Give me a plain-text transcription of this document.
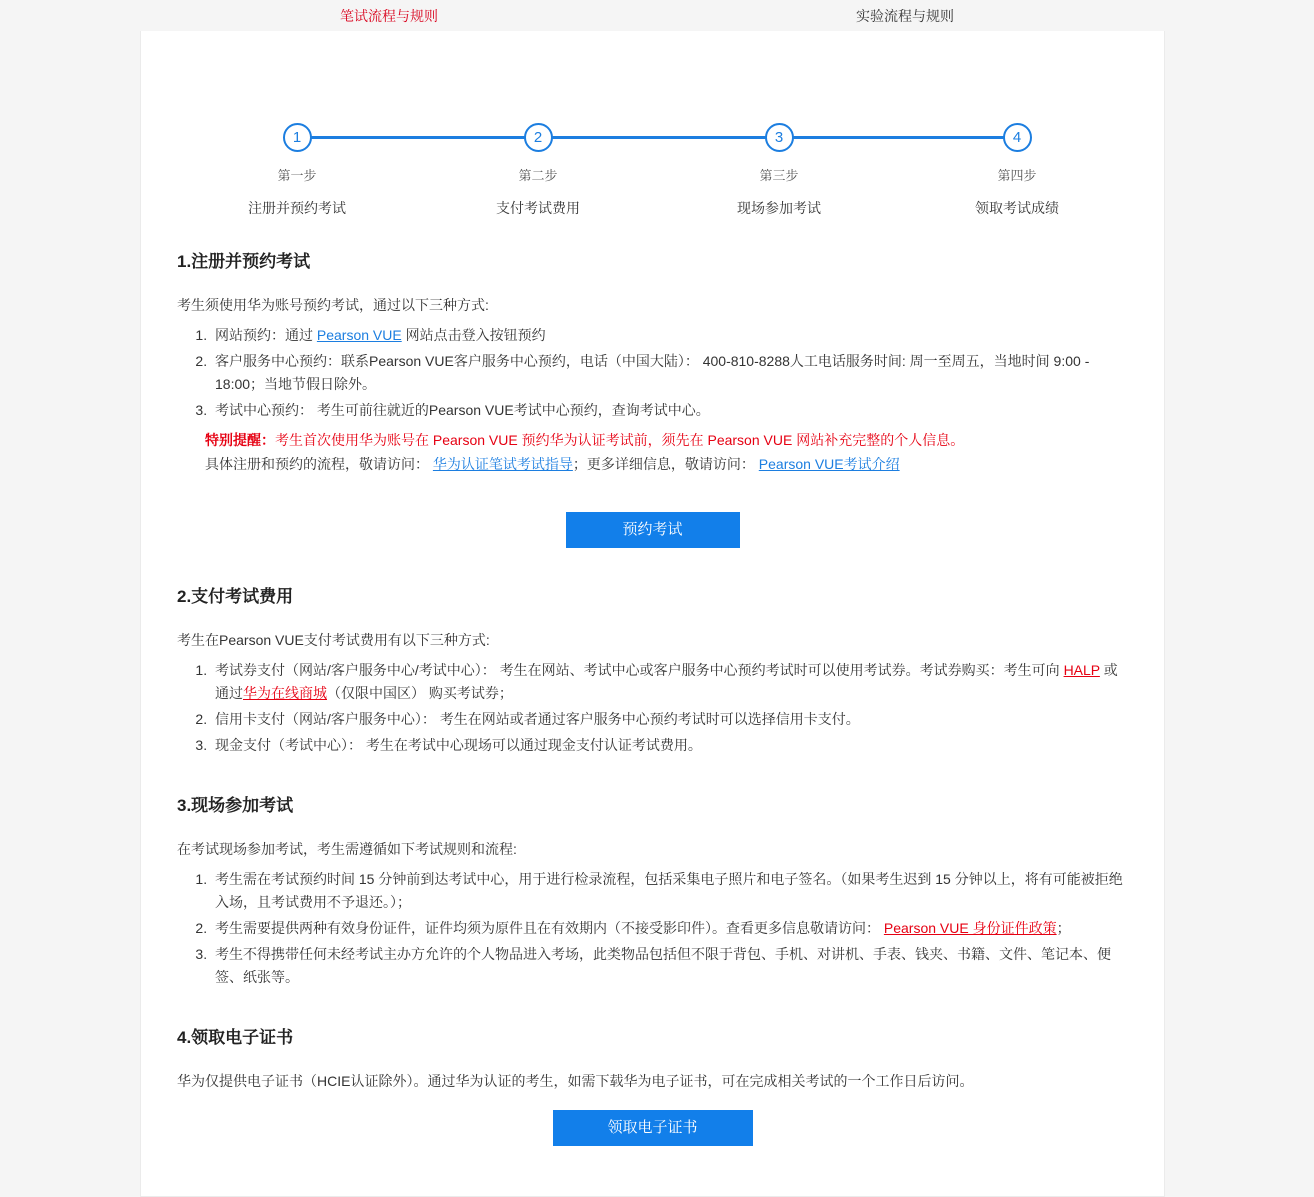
笔试流程与规则	实验流程与规则
1
第一步
注册并预约考试
2
第二步
支付考试费用
3
第三步
现场参加考试
4
第四步
领取考试成绩
1.注册并预约考试

考生须使用华为账号预约考试，通过以下三种方式:

1. 网站预约：通过 Pearson VUE 网站点击登入按钮预约
2. 客户服务中心预约：联系Pearson VUE客户服务中心预约，电话（中国大陆）： 400-810-8288人工电话服务时间: 周一至周五，当地时间 9:00 - 18:00；当地节假日除外。
3. 考试中心预约： 考生可前往就近的Pearson VUE考试中心预约，查询考试中心。
特别提醒：考生首次使用华为账号在 Pearson VUE 预约华为认证考试前，须先在 Pearson VUE 网站补充完整的个人信息。
具体注册和预约的流程，敬请访问： 华为认证笔试考试指导；更多详细信息，敬请访问： Pearson VUE考试介绍
预约考试
2.支付考试费用

考生在Pearson VUE支付考试费用有以下三种方式:

1. 考试券支付（网站/客户服务中心/考试中心）： 考生在网站、考试中心或客户服务中心预约考试时可以使用考试券。考试券购买：考生可向 HALP 或通过华为在线商城（仅限中国区） 购买考试券；
2. 信用卡支付（网站/客户服务中心）： 考生在网站或者通过客户服务中心预约考试时可以选择信用卡支付。
3. 现金支付（考试中心）： 考生在考试中心现场可以通过现金支付认证考试费用。
3.现场参加考试

在考试现场参加考试，考生需遵循如下考试规则和流程:

1. 考生需在考试预约时间 15 分钟前到达考试中心，用于进行检录流程，包括采集电子照片和电子签名。（如果考生迟到 15 分钟以上，将有可能被拒绝入场，且考试费用不予退还。）；
2. 考生需要提供两种有效身份证件，证件均须为原件且在有效期内（不接受影印件）。查看更多信息敬请访问： Pearson VUE 身份证件政策；
3. 考生不得携带任何未经考试主办方允许的个人物品进入考场，此类物品包括但不限于背包、手机、对讲机、手表、钱夹、书籍、文件、笔记本、便签、纸张等。
4.领取电子证书

华为仅提供电子证书（HCIE认证除外）。通过华为认证的考生，如需下载华为电子证书，可在完成相关考试的一个工作日后访问。

领取电子证书
